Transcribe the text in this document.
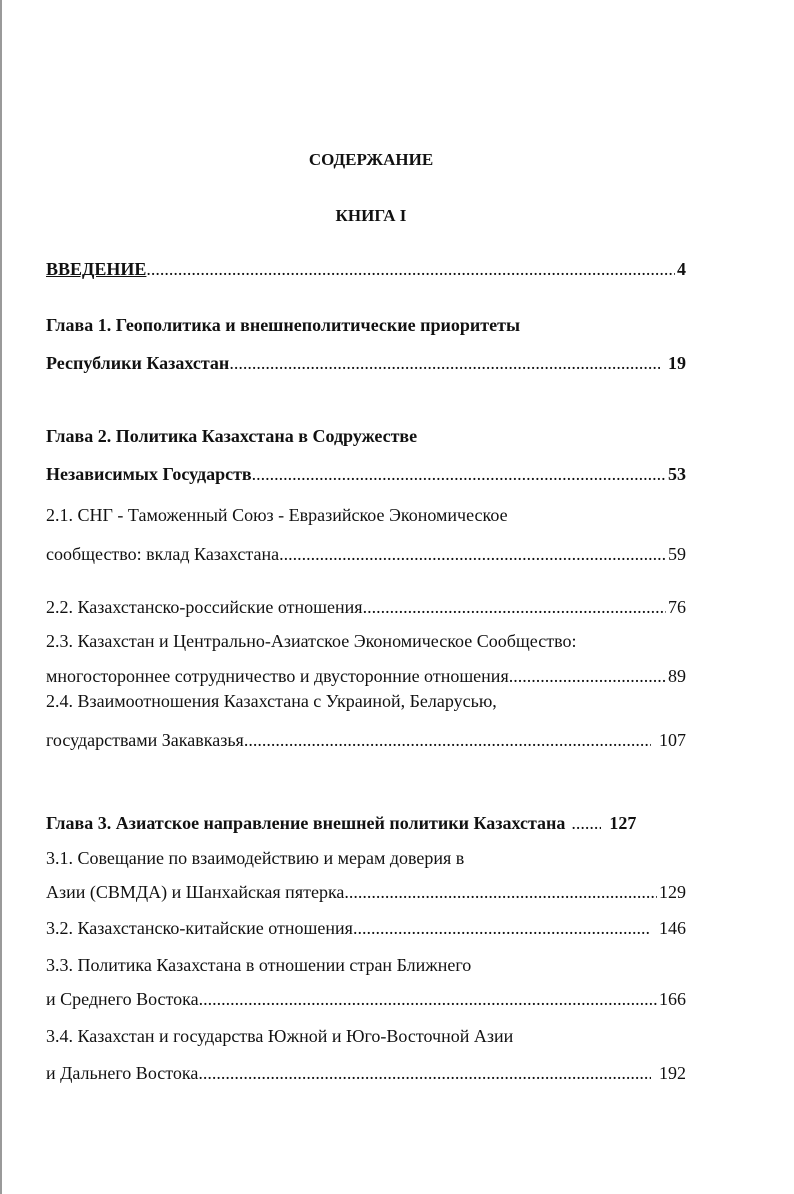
СОДЕРЖАНИЕ
КНИГА I
ВВЕДЕНИЕ .....	4
Глава 1. Геополитика и внешнеполитические приоритеты
Республики Казахстан .....	19
Глава 2. Политика Казахстана в Содружестве
Независимых Государств .....	53
2.1. СНГ - Таможенный Союз - Евразийское Экономическое
сообщество: вклад Казахстана .....	59
2.2. Казахстанско-российские отношения .....	76
2.3. Казахстан и Центрально-Азиатское Экономическое Сообщество:
многостороннее сотрудничество и двусторонние отношения .....	89
2.4. Взаимоотношения Казахстана с Украиной, Беларусью,
государствами Закавказья .....	107
Глава 3. Азиатское направление внешней политики Казахстана .....	127
3.1. Совещание по взаимодействию и мерам доверия в
Азии (СВМДА) и Шанхайская пятерка .....	129
3.2. Казахстанско-китайские отношения .....	146
3.3. Политика Казахстана в отношении стран Ближнего
и Среднего Востока .....	166
3.4. Казахстан и государства Южной и Юго-Восточной Азии
и Дальнего Востока .....	192
